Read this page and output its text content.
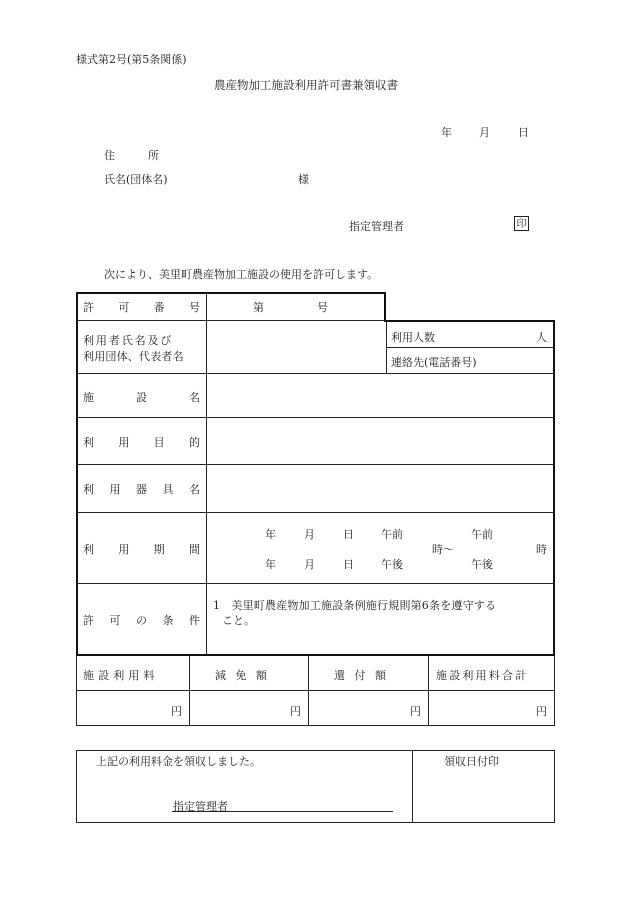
様式第2号(第5条関係)
農産物加工施設利用許可書兼領収書
年 月	日
住	所
氏名(団体名)	様
指定管理者	印
次により、美里町農産物加工施設の使用を許可します。
許 可 番 号	第	号
利用者氏名及び
利用団体、代表者名
利用人数	人
連絡先(電話番号)
施	設	名
利 用 目 的
利 用 器 具 名
利 用 期 間
年	月	日 午前	午前
時～	時
年	月	日 午後	午後
許 可 の 条 件
1　美里町農産物加工施設条例施行規則第6条を遵守する
こと。
施設利用料	減免額	還付額	施設利用料合計
円	円	円	円
上記の利用料金を領収しました。
指定管理者
領収日付印
